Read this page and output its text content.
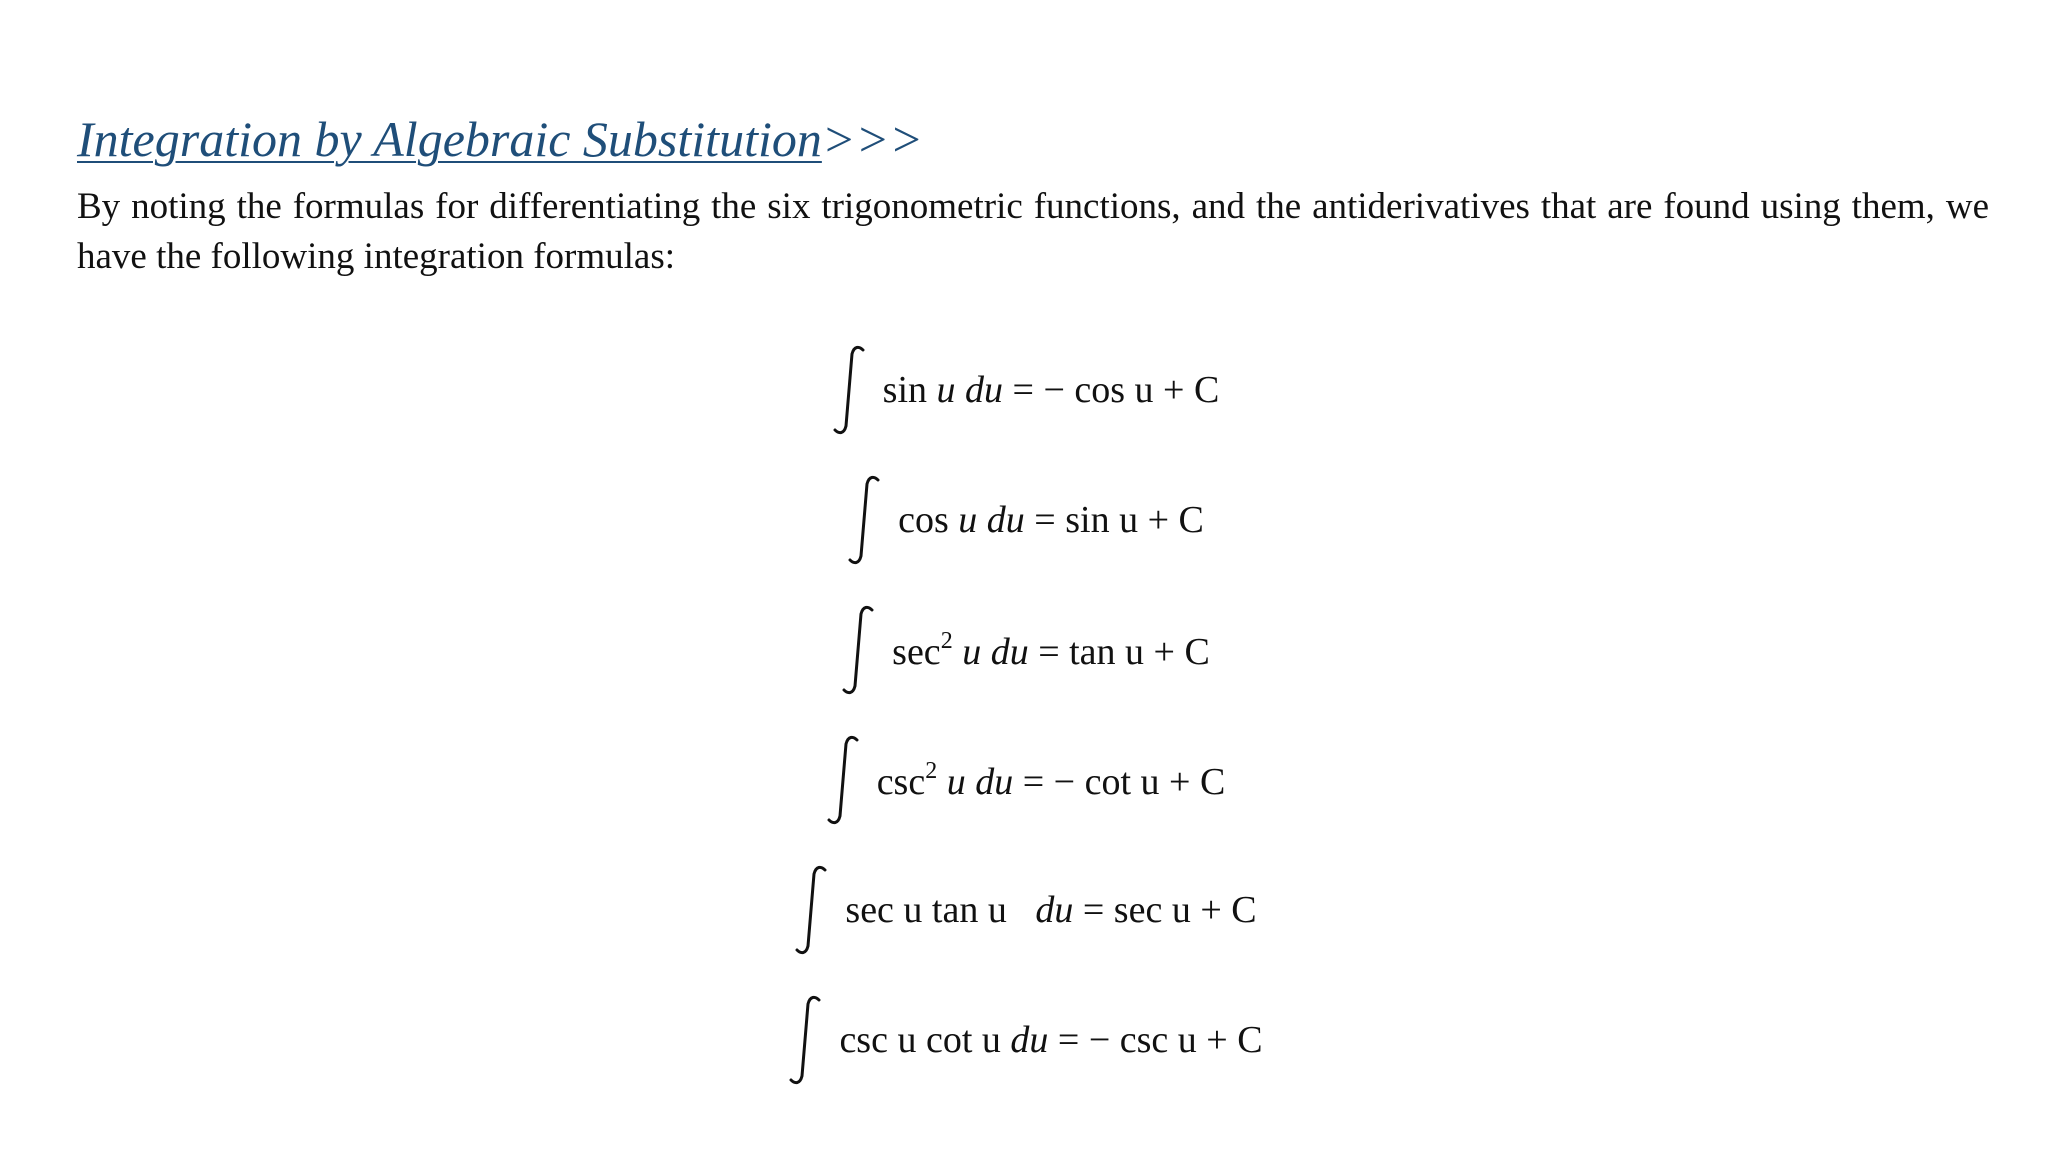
Integration by Algebraic Substitution>>>
By noting the formulas for differentiating the six trigonometric functions, and the antiderivatives that are found using them, we have the following integration formulas:
sin u du = − cos u + C
cos u du = sin u + C
$\sec^2 u$ du = tan u + C
$\csc^2 u$ du = − cot u + C
sec u tan u du = sec u + C
csc u cot u du = − csc u + C
